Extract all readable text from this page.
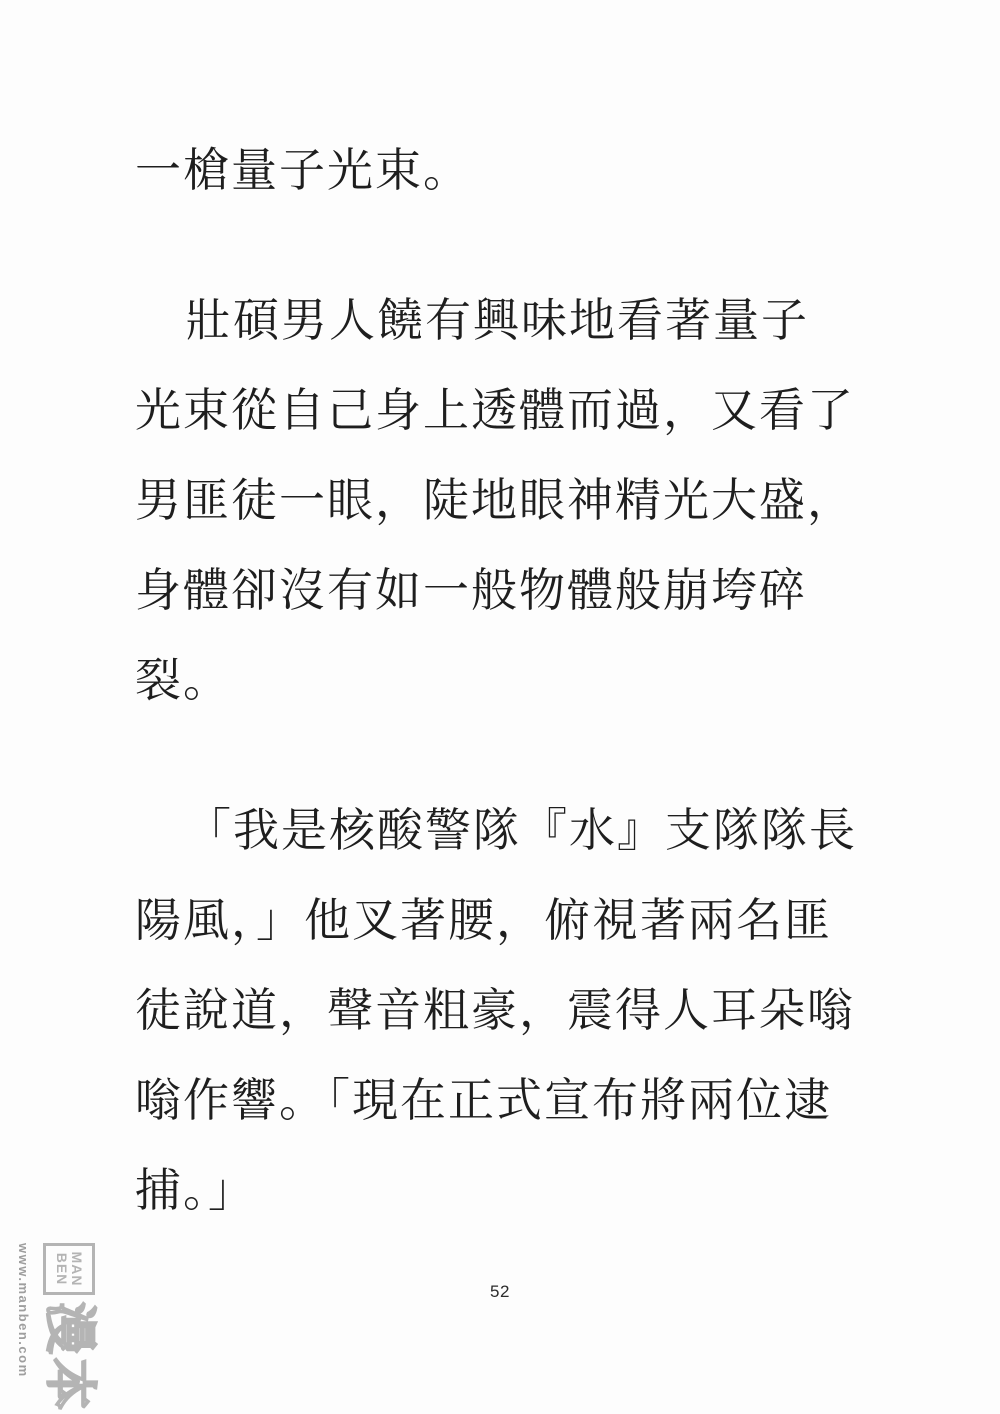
一槍量子光束。
壯碩男人饒有興味地看著量子
光束從自己身上透體而過，又看了
男匪徒一眼，陡地眼神精光大盛，
身體卻沒有如一般物體般崩垮碎
裂。
「我是核酸警隊『水』支隊隊長
陽風，」他叉著腰，俯視著兩名匪
徒說道，聲音粗豪，震得人耳朵嗡
嗡作響。「現在正式宣布將兩位逮
捕。」
52
MAN
BEN
漫本
www.manben.com
